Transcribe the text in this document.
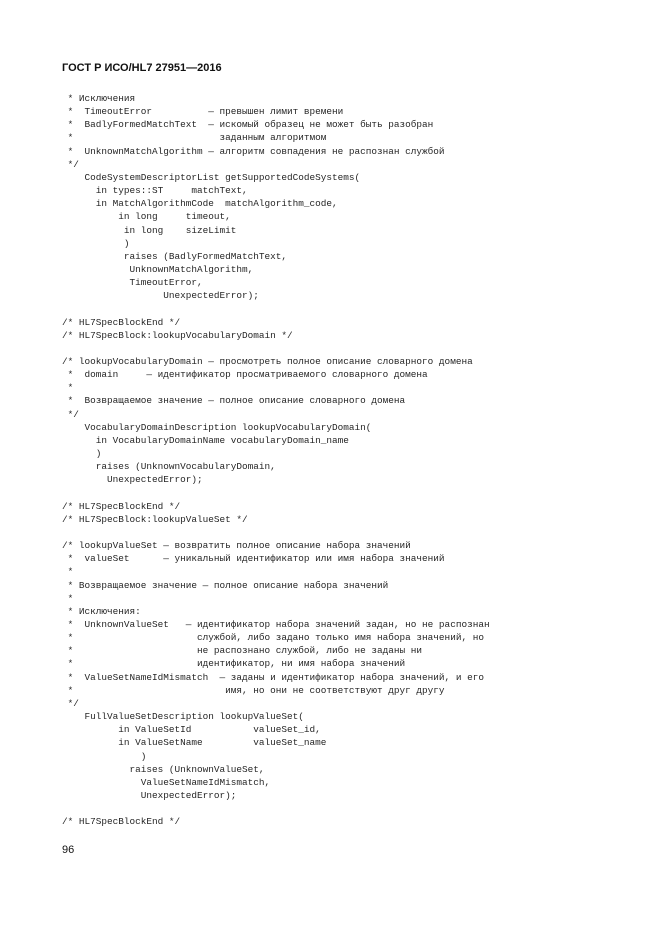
ГОСТ Р ИСО/HL7 27951—2016
* Исключения
*  TimeoutError          — превышен лимит времени
*  BadlyFormedMatchText  — искомый образец не может быть разобран
*                          заданным алгоритмом
*  UnknownMatchAlgorithm — алгоритм совпадения не распознан службой
*/
CodeSystemDescriptorList getSupportedCodeSystems(
in types::ST     matchText,
in MatchAlgorithmCode  matchAlgorithm_code,
in long     timeout,
in long    sizeLimit
)
raises (BadlyFormedMatchText,
UnknownMatchAlgorithm,
TimeoutError,
UnexpectedError);
/* HL7SpecBlockEnd */
/* HL7SpecBlock:lookupVocabularyDomain */
/* lookupVocabularyDomain — просмотреть полное описание словарного домена
*  domain     — идентификатор просматриваемого словарного домена
*
*  Возвращаемое значение — полное описание словарного домена
*/
VocabularyDomainDescription lookupVocabularyDomain(
in VocabularyDomainName vocabularyDomain_name
)
raises (UnknownVocabularyDomain,
UnexpectedError);
/* HL7SpecBlockEnd */
/* HL7SpecBlock:lookupValueSet */
/* lookupValueSet — возвратить полное описание набора значений
*  valueSet      — уникальный идентификатор или имя набора значений
*
* Возвращаемое значение — полное описание набора значений
*
* Исключения:
*  UnknownValueSet   — идентификатор набора значений задан, но не распознан
*                      службой, либо задано только имя набора значений, но
*                      не распознано службой, либо не заданы ни
*                      идентификатор, ни имя набора значений
*  ValueSetNameIdMismatch  — заданы и идентификатор набора значений, и его
*                           имя, но они не соответствуют друг другу
*/
FullValueSetDescription lookupValueSet(
in ValueSetId           valueSet_id,
in ValueSetName         valueSet_name
)
raises (UnknownValueSet,
ValueSetNameIdMismatch,
UnexpectedError);
/* HL7SpecBlockEnd */
96
